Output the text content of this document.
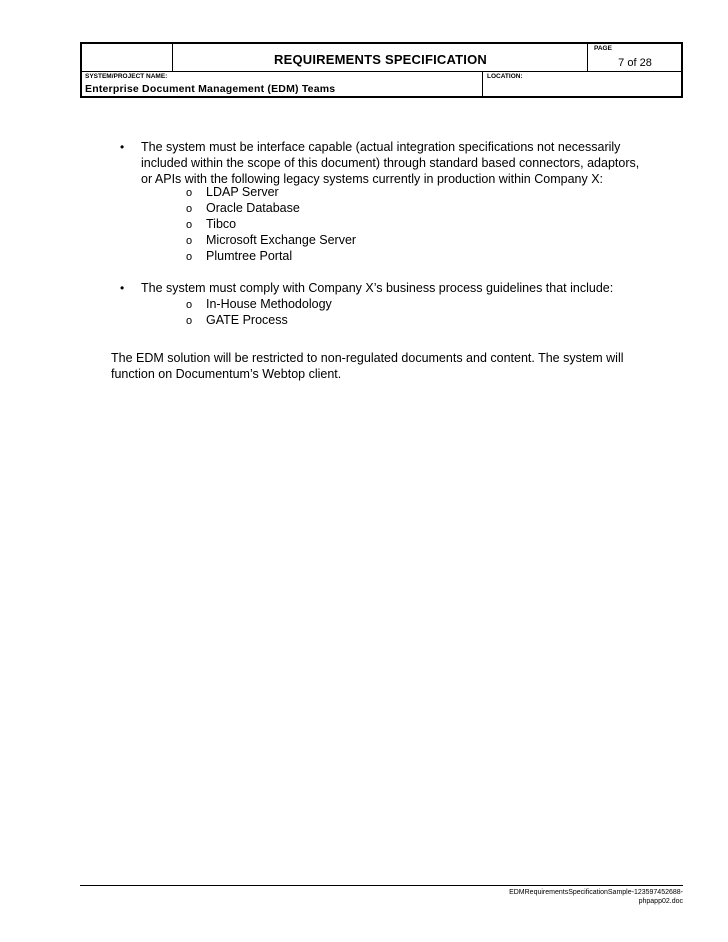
REQUIREMENTS SPECIFICATION
PAGE
7 of 28
SYSTEM/PROJECT NAME:
Enterprise Document Management (EDM) Teams
LOCATION:
• The system must be interface capable (actual integration specifications not necessarily
included within the scope of this document) through standard based connectors, adaptors,
or APIs with the following legacy systems currently in production within Company X:
o LDAP Server
o Oracle Database
o Tibco
o Microsoft Exchange Server
o Plumtree Portal
• The system must comply with Company X’s business process guidelines that include:
o In-House Methodology
o GATE Process
The EDM solution will be restricted to non-regulated documents and content. The system will
function on Documentum’s Webtop client.
EDMRequirementsSpecificationSample-123597452688-
phpapp02.doc
